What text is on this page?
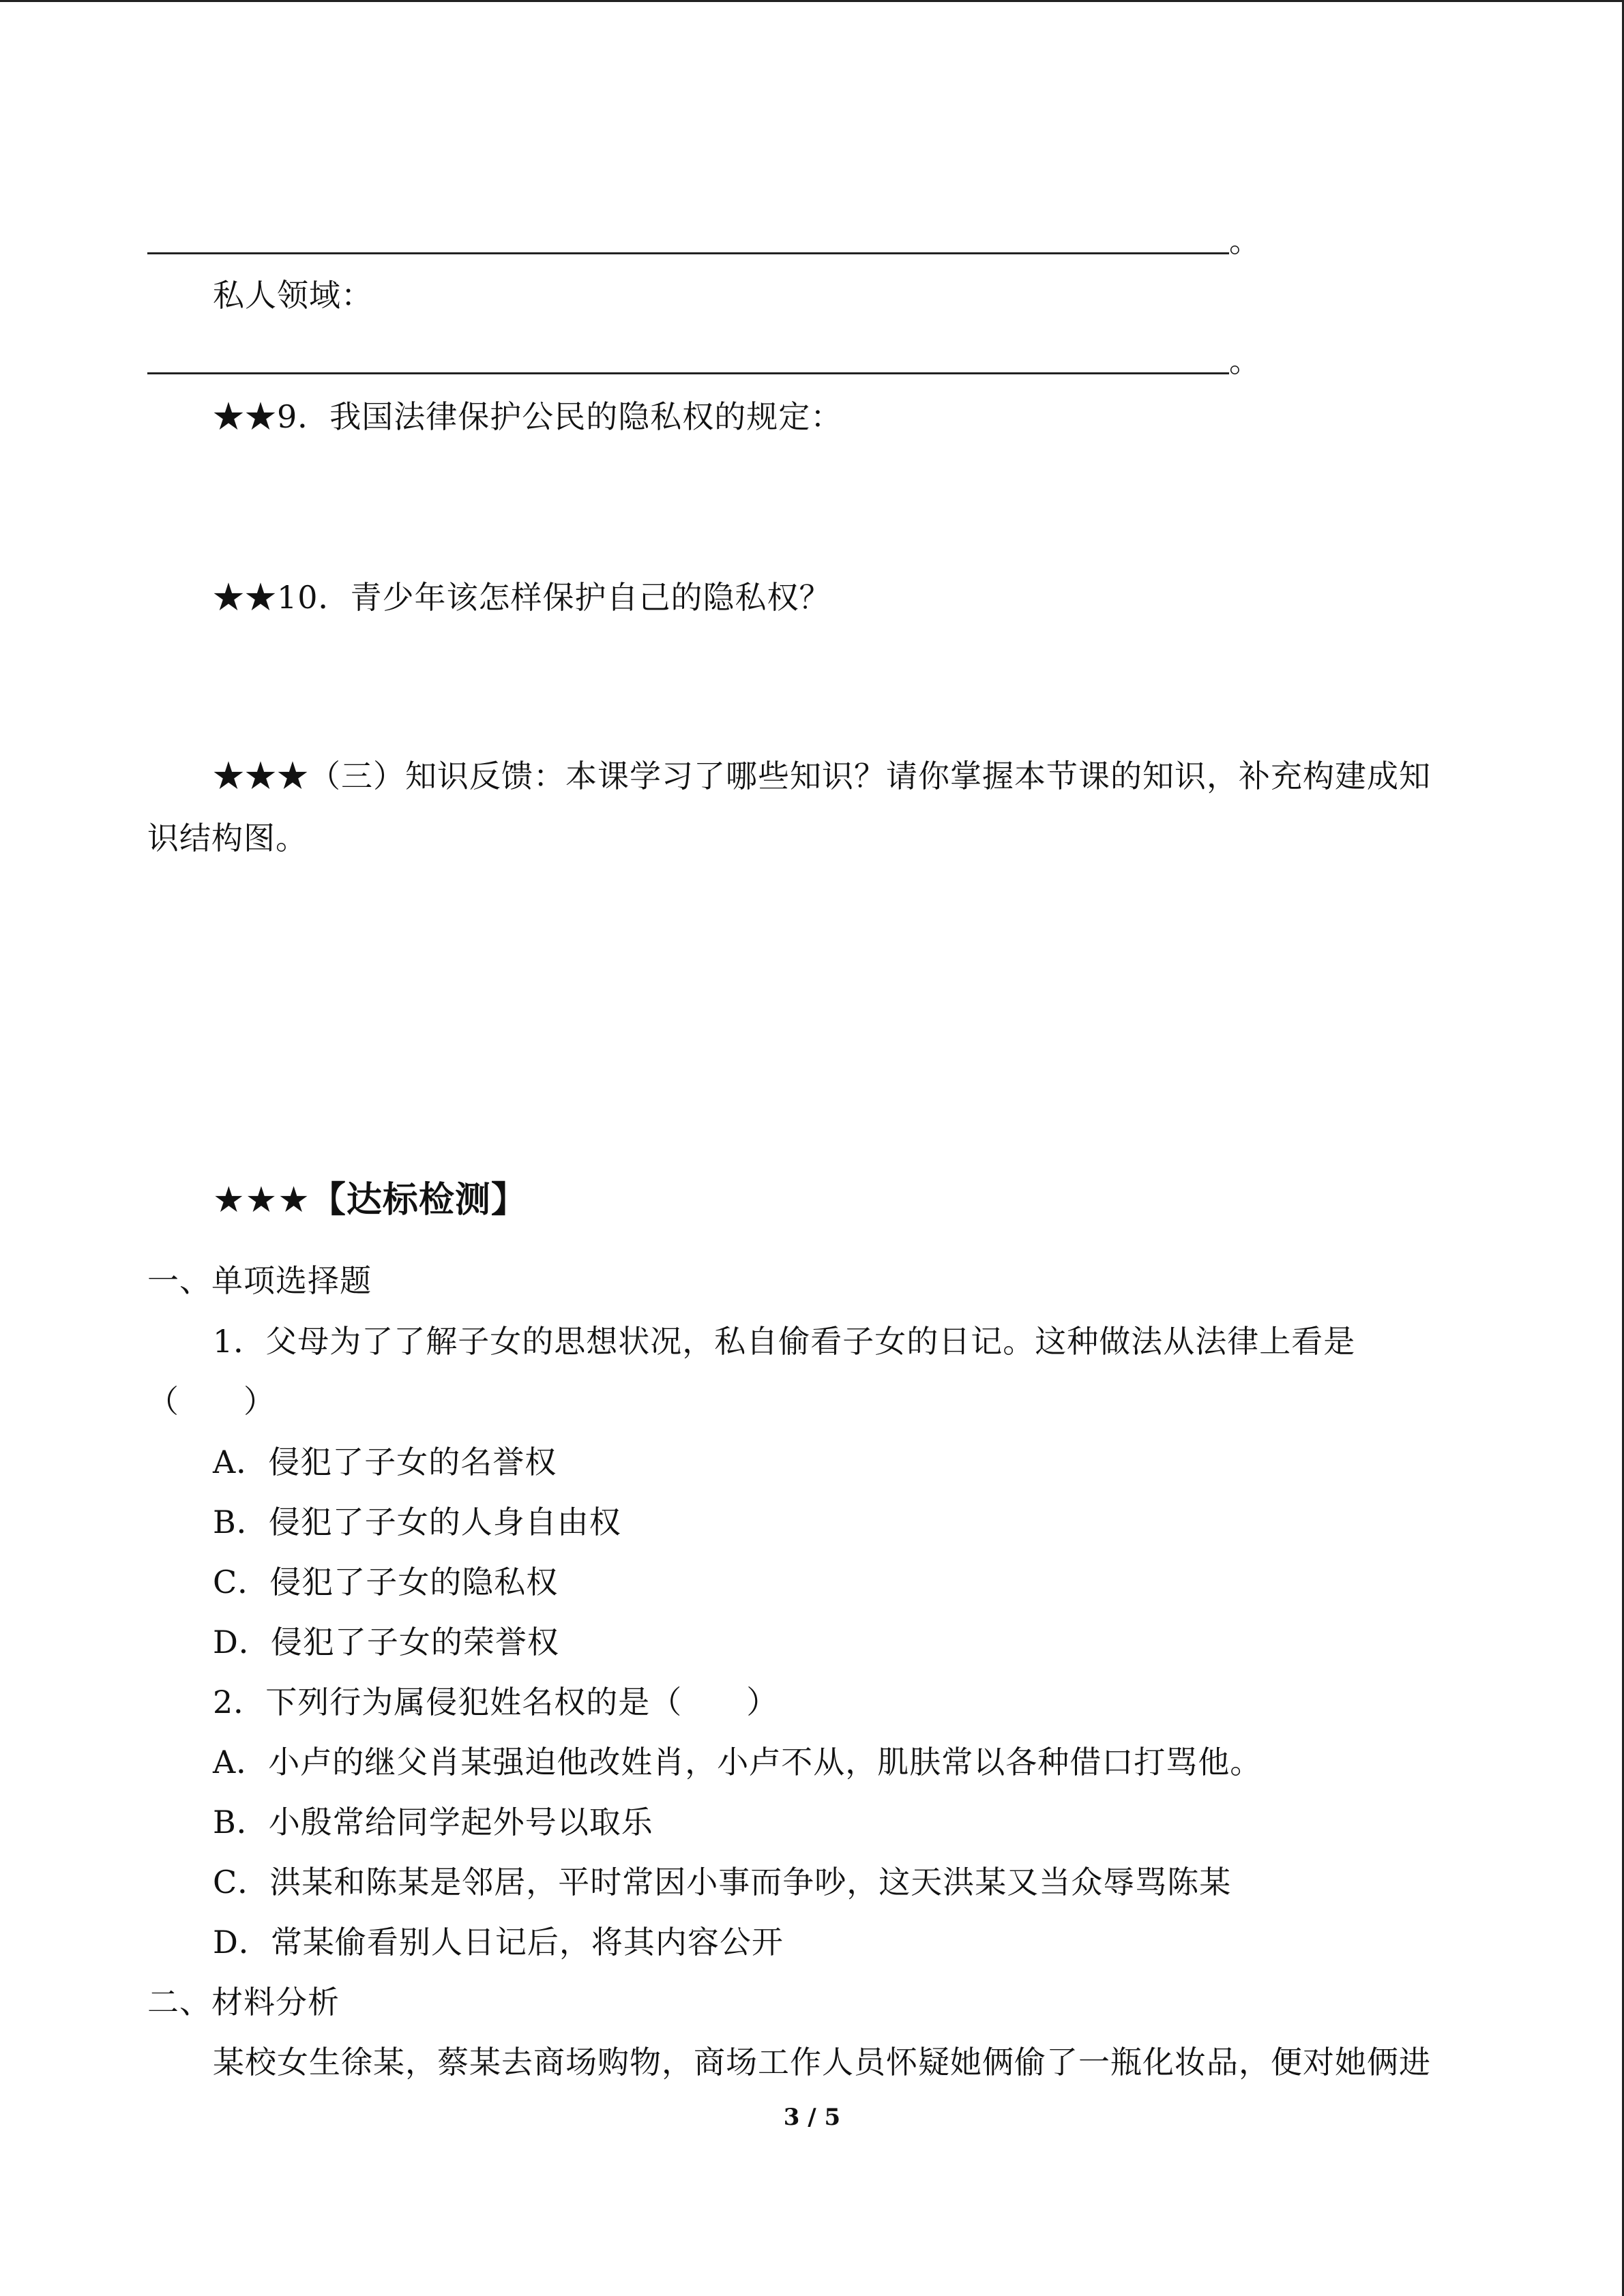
。
私人领域：
。
★★9．我国法律保护公民的隐私权的规定：
★★10．青少年该怎样保护自己的隐私权？
★★★（三）知识反馈：本课学习了哪些知识？请你掌握本节课的知识，补充构建成知
识结构图。
★★★【达标检测】
一、单项选择题
1．父母为了了解子女的思想状况，私自偷看子女的日记。这种做法从法律上看是
（　　）
A．侵犯了子女的名誉权
B．侵犯了子女的人身自由权
C．侵犯了子女的隐私权
D．侵犯了子女的荣誉权
2．下列行为属侵犯姓名权的是（　　）
A．小卢的继父肖某强迫他改姓肖，小卢不从，肌肤常以各种借口打骂他。
B．小殷常给同学起外号以取乐
C．洪某和陈某是邻居，平时常因小事而争吵，这天洪某又当众辱骂陈某
D．常某偷看别人日记后，将其内容公开
二、材料分析
某校女生徐某，蔡某去商场购物，商场工作人员怀疑她俩偷了一瓶化妆品，便对她俩进
3 / 5
